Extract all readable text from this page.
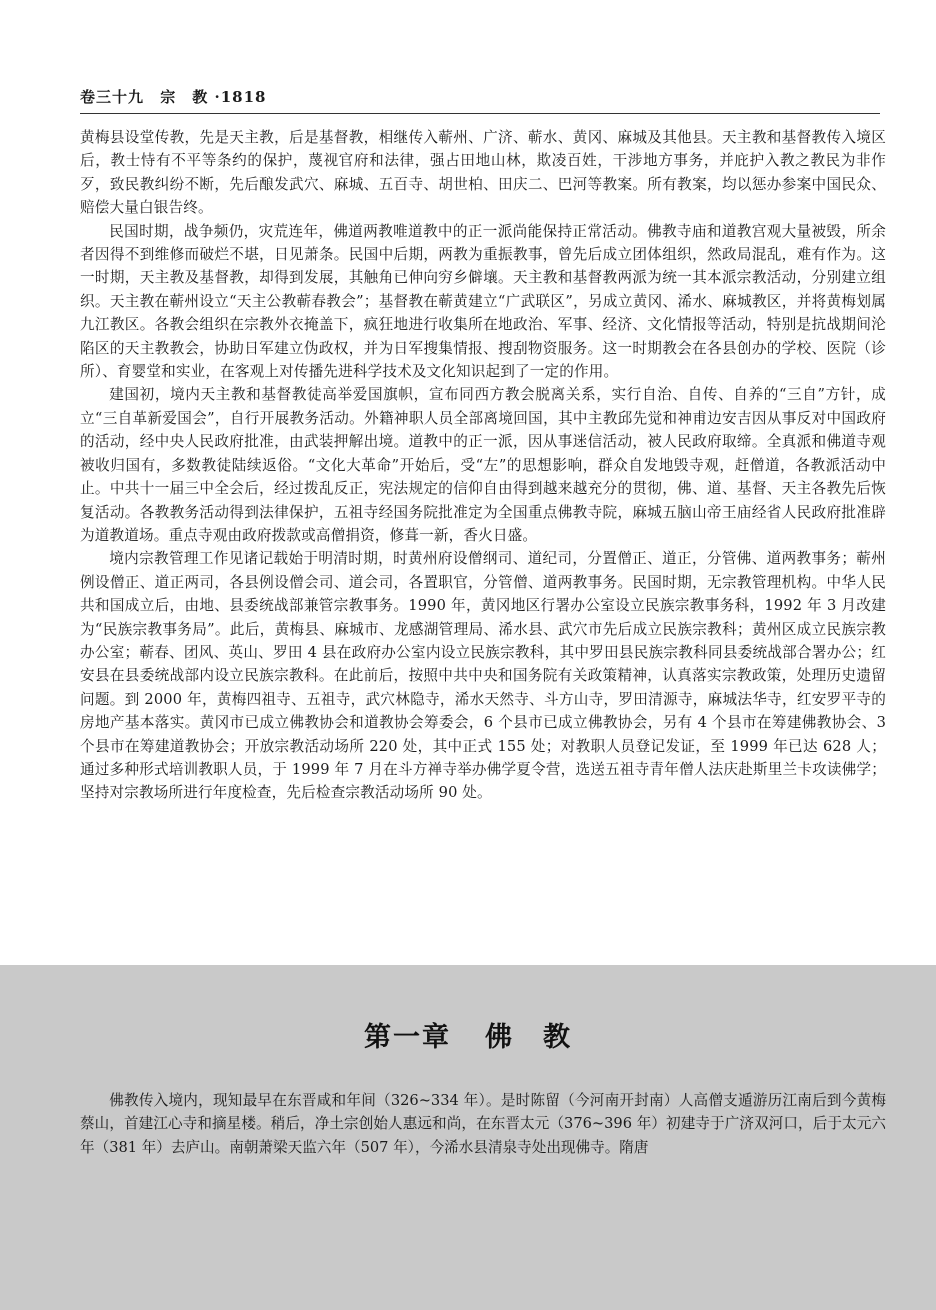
卷三十九 宗　教 ·1818

黄梅县设堂传教，先是天主教，后是基督教，相继传入蕲州、广济、蕲水、黄冈、麻城及其他县。天主教和基督教传入境区后，教士恃有不平等条约的保护，蔑视官府和法律，强占田地山林，欺凌百姓，干涉地方事务，并庇护入教之教民为非作歹，致民教纠纷不断，先后酿发武穴、麻城、五百寺、胡世柏、田庆二、巴河等教案。所有教案，均以惩办参案中国民众、赔偿大量白银告终。

民国时期，战争频仍，灾荒连年，佛道两教唯道教中的正一派尚能保持正常活动。佛教寺庙和道教宫观大量被毁，所余者因得不到维修而破烂不堪，日见萧条。民国中后期，两教为重振教事，曾先后成立团体组织，然政局混乱，难有作为。这一时期，天主教及基督教，却得到发展，其触角已伸向穷乡僻壤。天主教和基督教两派为统一其本派宗教活动，分别建立组织。天主教在蕲州设立“天主公教蕲春教会”；基督教在蕲黄建立“广武联区”，另成立黄冈、浠水、麻城教区，并将黄梅划属九江教区。各教会组织在宗教外衣掩盖下，疯狂地进行收集所在地政治、军事、经济、文化情报等活动，特别是抗战期间沦陷区的天主教教会，协助日军建立伪政权，并为日军搜集情报、搜刮物资服务。这一时期教会在各县创办的学校、医院（诊所）、育婴堂和实业，在客观上对传播先进科学技术及文化知识起到了一定的作用。

建国初，境内天主教和基督教徒高举爱国旗帜，宣布同西方教会脱离关系，实行自治、自传、自养的“三自”方针，成立“三自革新爱国会”，自行开展教务活动。外籍神职人员全部离境回国，其中主教邱先觉和神甫边安吉因从事反对中国政府的活动，经中央人民政府批准，由武装押解出境。道教中的正一派，因从事迷信活动，被人民政府取缔。全真派和佛道寺观被收归国有，多数教徒陆续返俗。“文化大革命”开始后，受“左”的思想影响，群众自发地毁寺观，赶僧道，各教派活动中止。中共十一届三中全会后，经过拨乱反正，宪法规定的信仰自由得到越来越充分的贯彻，佛、道、基督、天主各教先后恢复活动。各教教务活动得到法律保护，五祖寺经国务院批准定为全国重点佛教寺院，麻城五脑山帝王庙经省人民政府批准辟为道教道场。重点寺观由政府拨款或高僧捐资，修葺一新，香火日盛。

境内宗教管理工作见诸记载始于明清时期，时黄州府设僧纲司、道纪司，分置僧正、道正，分管佛、道两教事务；蕲州例设僧正、道正两司，各县例设僧会司、道会司，各置职官，分管僧、道两教事务。民国时期，无宗教管理机构。中华人民共和国成立后，由地、县委统战部兼管宗教事务。1990 年，黄冈地区行署办公室设立民族宗教事务科，1992 年 3 月改建为“民族宗教事务局”。此后，黄梅县、麻城市、龙感湖管理局、浠水县、武穴市先后成立民族宗教科；黄州区成立民族宗教办公室；蕲春、团风、英山、罗田 4 县在政府办公室内设立民族宗教科，其中罗田县民族宗教科同县委统战部合署办公；红安县在县委统战部内设立民族宗教科。在此前后，按照中共中央和国务院有关政策精神，认真落实宗教政策，处理历史遗留问题。到 2000 年，黄梅四祖寺、五祖寺，武穴林隐寺，浠水天然寺、斗方山寺，罗田清源寺，麻城法华寺，红安罗平寺的房地产基本落实。黄冈市已成立佛教协会和道教协会筹委会，6 个县市已成立佛教协会，另有 4 个县市在筹建佛教协会、3 个县市在筹建道教协会；开放宗教活动场所 220 处，其中正式 155 处；对教职人员登记发证，至 1999 年已达 628 人；通过多种形式培训教职人员，于 1999 年 7 月在斗方禅寺举办佛学夏令营，选送五祖寺青年僧人法庆赴斯里兰卡攻读佛学；坚持对宗教场所进行年度检查，先后检查宗教活动场所 90 处。

第一章 佛　教

佛教传入境内，现知最早在东晋咸和年间（326~334 年）。是时陈留（今河南开封南）人高僧支遁游历江南后到今黄梅蔡山，首建江心寺和摘星楼。稍后，净土宗创始人惠远和尚，在东晋太元（376~396 年）初建寺于广济双河口，后于太元六年（381 年）去庐山。南朝萧梁天监六年（507 年），今浠水县清泉寺处出现佛寺。隋唐
